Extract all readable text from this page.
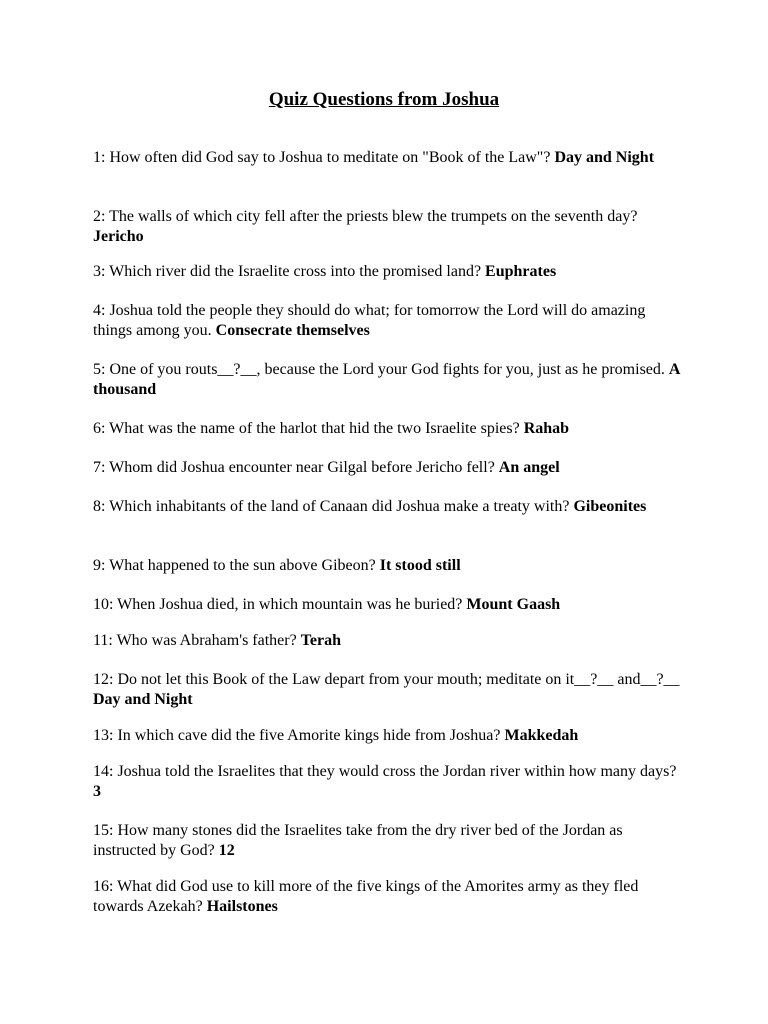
Quiz Questions from Joshua

1: How often did God say to Joshua to meditate on "Book of the Law"? Day and Night

2: The walls of which city fell after the priests blew the trumpets on the seventh day? Jericho

3: Which river did the Israelite cross into the promised land? Euphrates

4: Joshua told the people they should do what; for tomorrow the Lord will do amazing things among you. Consecrate themselves

5: One of you routs__?__, because the Lord your God fights for you, just as he promised. A thousand

6: What was the name of the harlot that hid the two Israelite spies? Rahab

7: Whom did Joshua encounter near Gilgal before Jericho fell? An angel

8: Which inhabitants of the land of Canaan did Joshua make a treaty with? Gibeonites

9: What happened to the sun above Gibeon? It stood still

10: When Joshua died, in which mountain was he buried? Mount Gaash

11: Who was Abraham's father? Terah

12: Do not let this Book of the Law depart from your mouth; meditate on it__?__ and__?__ Day and Night

13: In which cave did the five Amorite kings hide from Joshua? Makkedah

14: Joshua told the Israelites that they would cross the Jordan river within how many days? 3

15: How many stones did the Israelites take from the dry river bed of the Jordan as instructed by God? 12

16: What did God use to kill more of the five kings of the Amorites army as they fled towards Azekah? Hailstones
